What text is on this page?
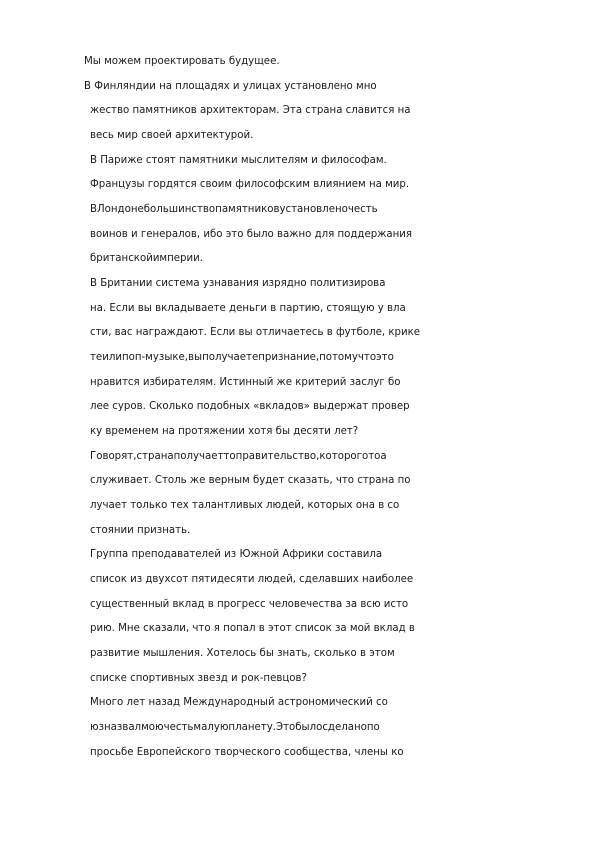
Мы можем проектировать будущее.
В Финляндии на площадях и улицах установлено мно
жество памятников архитекторам. Эта страна славится на
весь мир своей архитектурой.
В Париже стоят памятники мыслителям и философам.
Французы гордятся своим философским влиянием на мир.
ВЛондонебольшинствопамятниковустановленочесть
воинов и генералов, ибо это было важно для поддержания
британскойимперии.
В Британии система узнавания изрядно политизирова
на. Если вы вкладываете деньги в партию, стоящую у вла
сти, вас награждают. Если вы отличаетесь в футболе, крике
теилипоп-музыке,выполучаетепризнание,потомучтоэто
нравится избирателям. Истинный же критерий заслуг бо
лее суров. Сколько подобных «вкладов» выдержат провер
ку временем на протяжении хотя бы десяти лет?
Говорят,странаполучаеттоправительство,котороготоа
служивает. Столь же верным будет сказать, что страна по
лучает только тех талантливых людей, которых она в со
стоянии признать.
Группа преподавателей из Южной Африки составила
список из двухсот пятидесяти людей, сделавших наиболее
существенный вклад в прогресс человечества за всю исто
рию. Мне сказали, что я попал в этот список за мой вклад в
развитие мышления. Хотелось бы знать, сколько в этом
списке спортивных звезд и рок-певцов?
Много лет назад Международный астрономический со
юзназвалмоючестьмалуюпланету.Этобылосделанопо
просьбе Европейского творческого сообщества, члены ко
